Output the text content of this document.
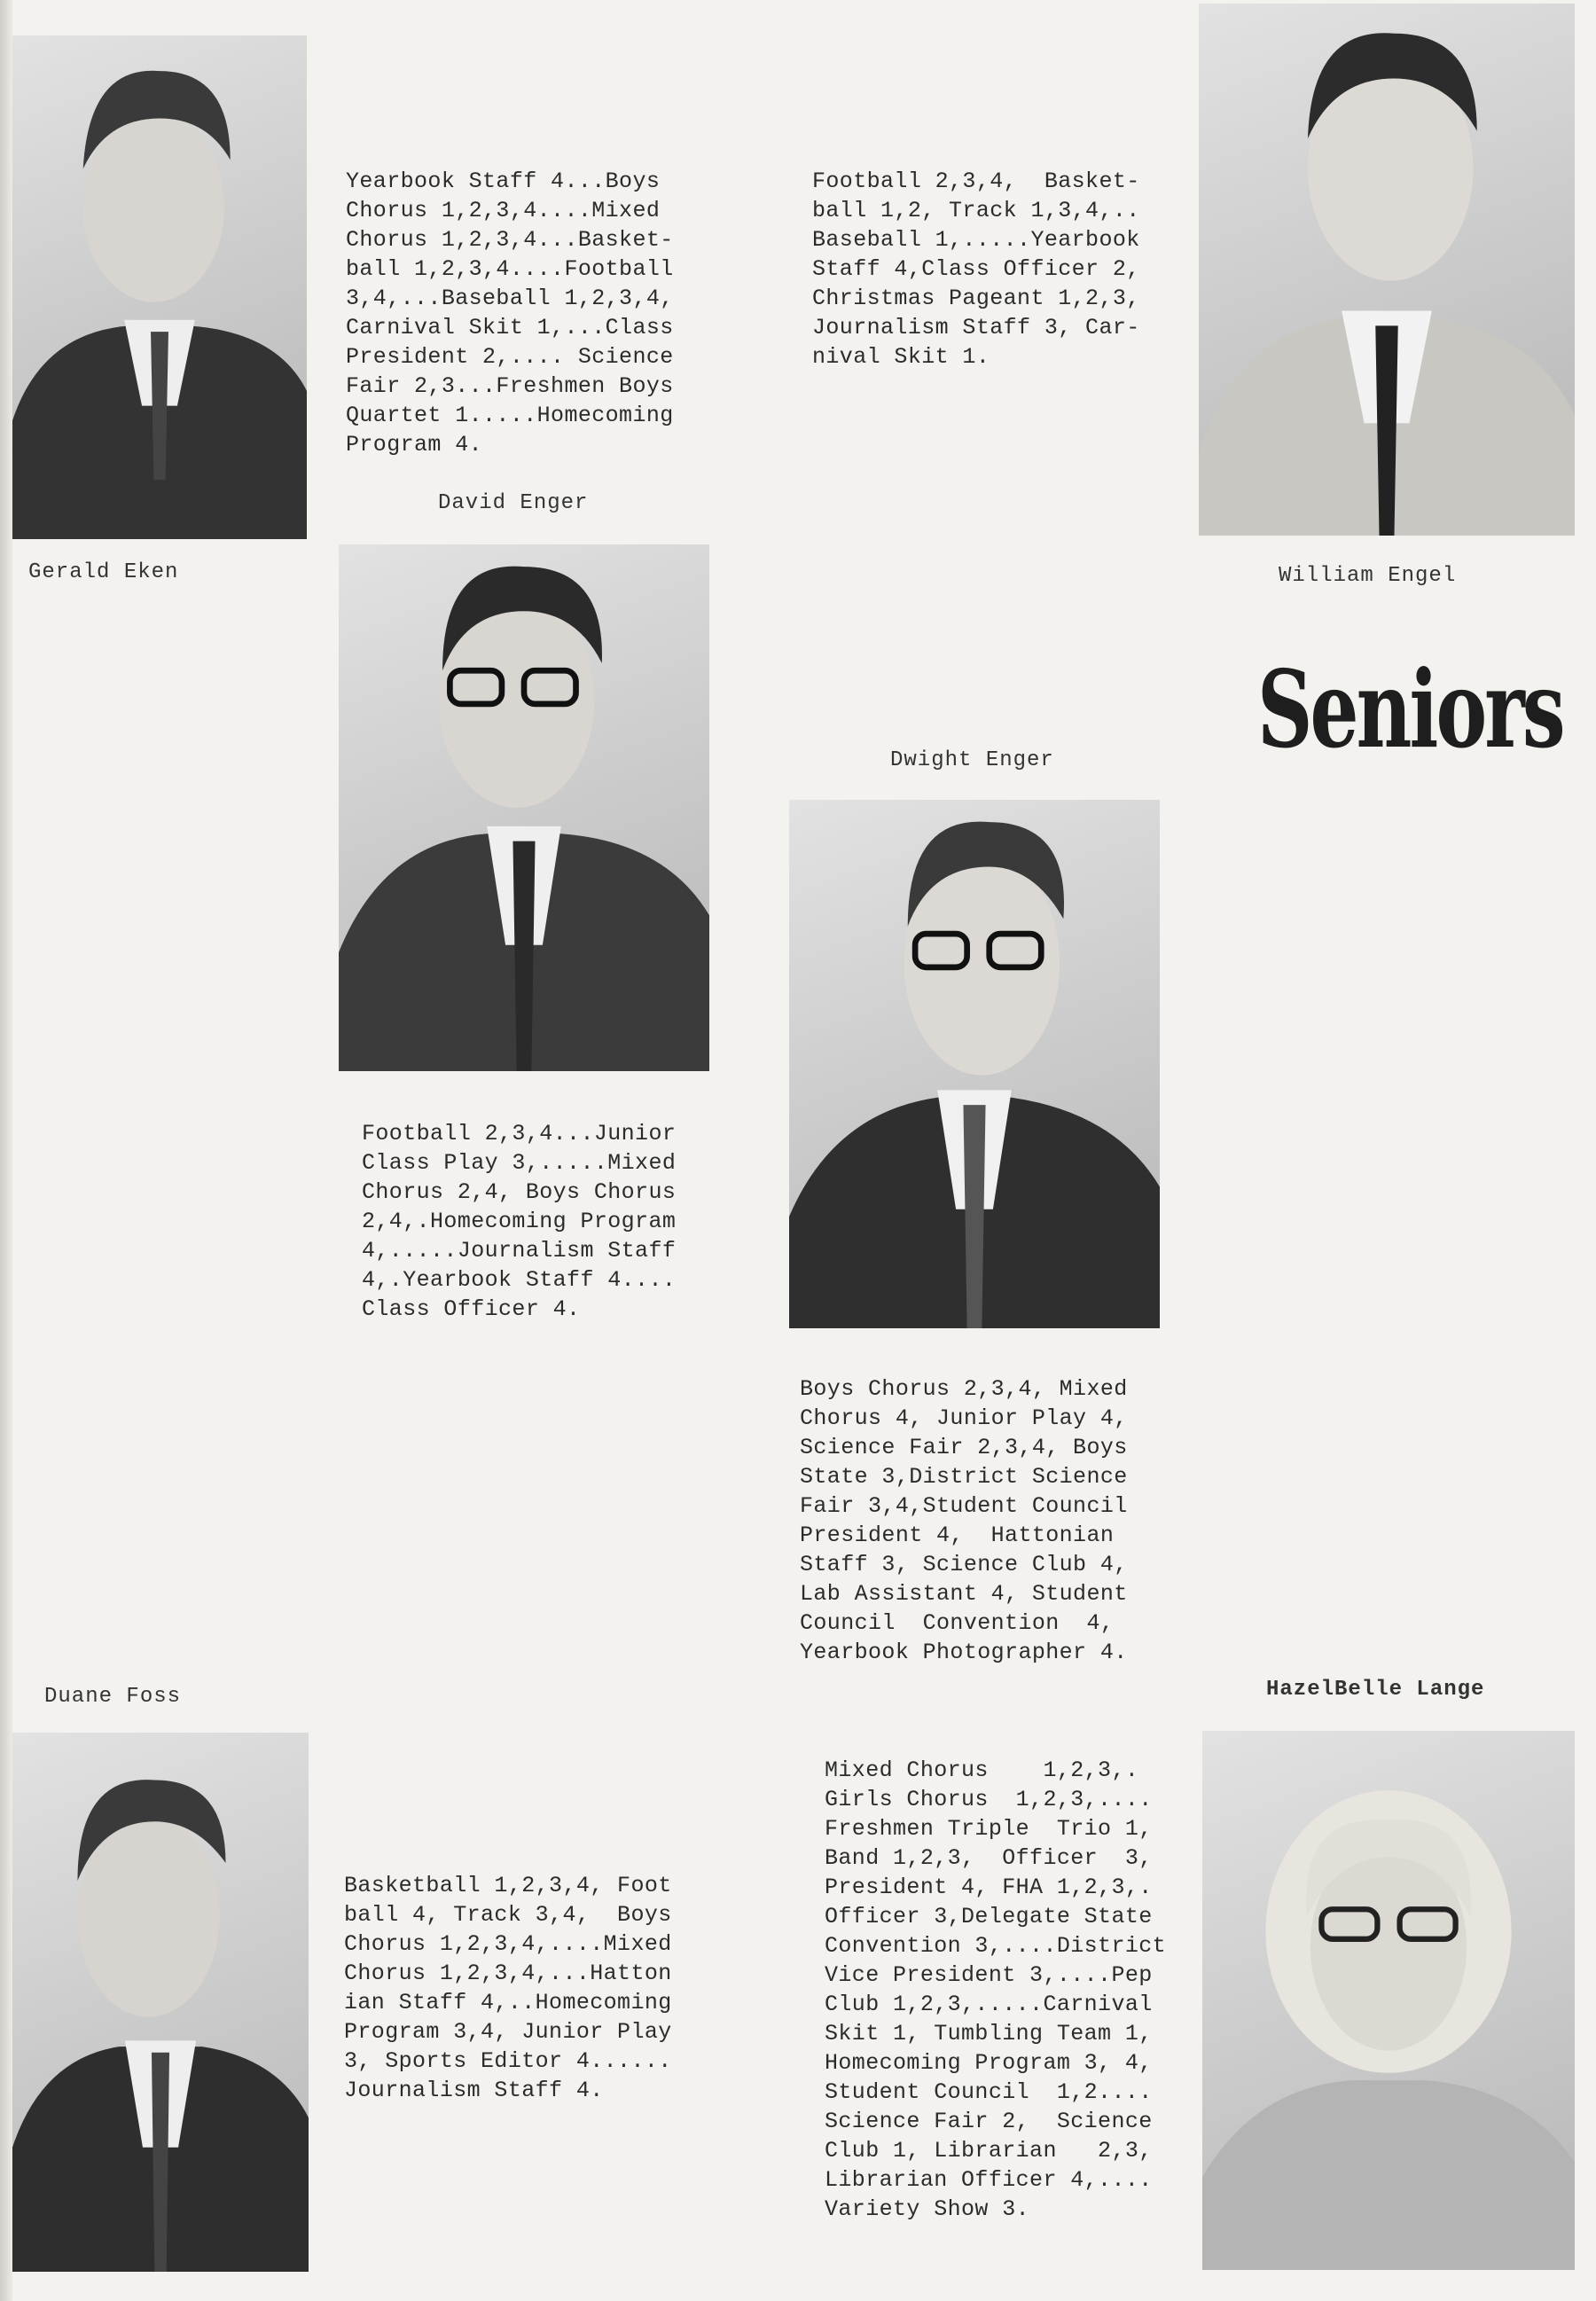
Gerald Eken
Yearbook Staff 4...Boys
Chorus 1,2,3,4....Mixed
Chorus 1,2,3,4...Basket-
ball 1,2,3,4....Football
3,4,...Baseball 1,2,3,4,
Carnival Skit 1,...Class
President 2,.... Science
Fair 2,3...Freshmen Boys
Quartet 1.....Homecoming
Program 4.
William Engel
Football 2,3,4,  Basket-
ball 1,2, Track 1,3,4,..
Baseball 1,.....Yearbook
Staff 4,Class Officer 2,
Christmas Pageant 1,2,3,
Journalism Staff 3, Car-
nival Skit 1.
David Enger
Football 2,3,4...Junior
Class Play 3,.....Mixed
Chorus 2,4, Boys Chorus
2,4,.Homecoming Program
4,.....Journalism Staff
4,.Yearbook Staff 4....
Class Officer 4.
Seniors
Dwight Enger
Boys Chorus 2,3,4, Mixed
Chorus 4, Junior Play 4,
Science Fair 2,3,4, Boys
State 3,District Science
Fair 3,4,Student Council
President 4,  Hattonian
Staff 3, Science Club 4,
Lab Assistant 4, Student
Council  Convention  4,
Yearbook Photographer 4.
Duane Foss
Basketball 1,2,3,4, Foot
ball 4, Track 3,4,  Boys
Chorus 1,2,3,4,....Mixed
Chorus 1,2,3,4,...Hatton
ian Staff 4,..Homecoming
Program 3,4, Junior Play
3, Sports Editor 4......
Journalism Staff 4.
HazelBelle Lange
Mixed Chorus    1,2,3,.
Girls Chorus  1,2,3,....
Freshmen Triple  Trio 1,
Band 1,2,3,  Officer  3,
President 4, FHA 1,2,3,.
Officer 3,Delegate State
Convention 3,....District
Vice President 3,....Pep
Club 1,2,3,.....Carnival
Skit 1, Tumbling Team 1,
Homecoming Program 3, 4,
Student Council  1,2....
Science Fair 2,  Science
Club 1, Librarian   2,3,
Librarian Officer 4,....
Variety Show 3.
